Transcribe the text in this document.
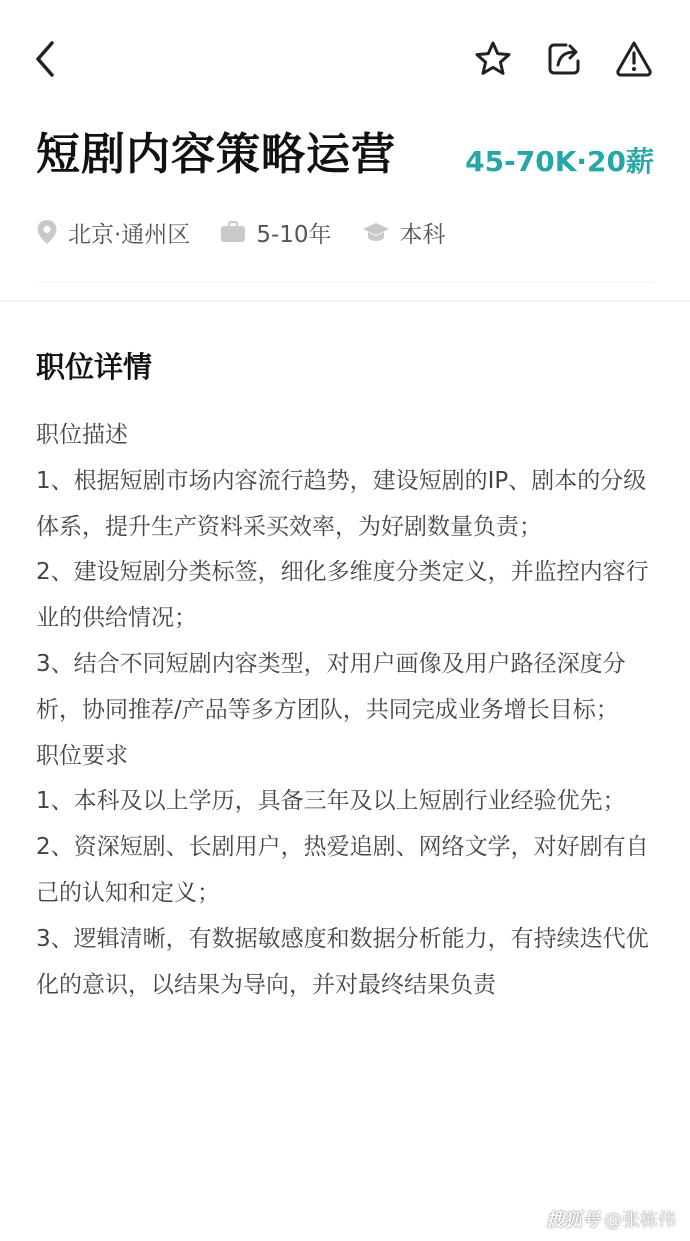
短剧内容策略运营 45-70K·20薪
北京·通州区	5-10年	本科
职位详情

职位描述

1、根据短剧市场内容流行趋势，建设短剧的IP、剧本的分级体系，提升生产资料采买效率，为好剧数量负责；

2、建设短剧分类标签，细化多维度分类定义，并监控内容行业的供给情况；

3、结合不同短剧内容类型，对用户画像及用户路径深度分析，协同推荐/产品等多方团队，共同完成业务增长目标；

职位要求

1、本科及以上学历，具备三年及以上短剧行业经验优先；

2、资深短剧、长剧用户，热爱追剧、网络文学，对好剧有自己的认知和定义；

3、逻辑清晰，有数据敏感度和数据分析能力，有持续迭代优化的意识，以结果为导向，并对最终结果负责

搜狐号 @张栋伟
